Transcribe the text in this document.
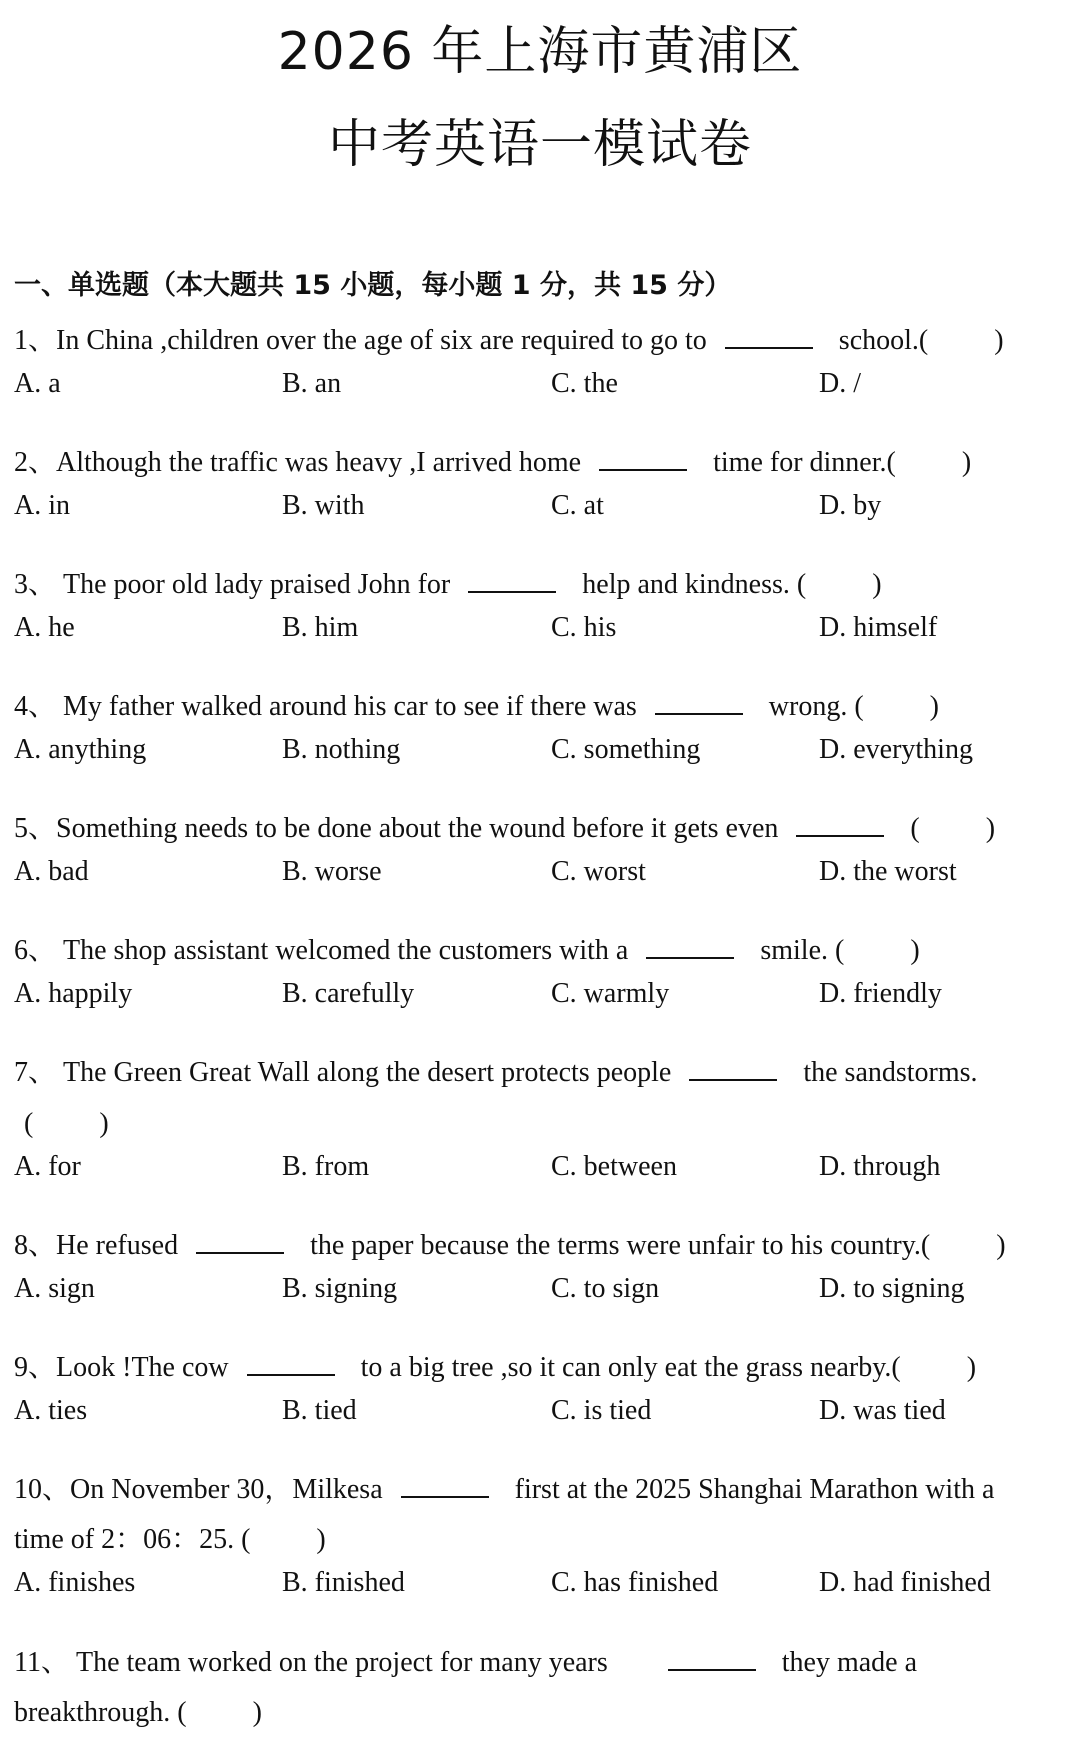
2026 年上海市黄浦区
中考英语一模试卷
一、单选题（本大题共 15 小题，每小题 1 分，共 15 分）
1、In China ,children over the age of six are required to go to	school.( )
A. a	B. an	C. the	D. /
2、Although the traffic was heavy ,I arrived home	time for dinner.( )
A. in	B. with	C. at	D. by
3、 The poor old lady praised John for	help and kindness. ( )
A. he	B. him	C. his	D. himself
4、 My father walked around his car to see if there was	wrong. ( )
A. anything	B. nothing	C. something	D. everything
5、Something needs to be done about the wound before it gets even	( )
A. bad	B. worse	C. worst	D. the worst
6、 The shop assistant welcomed the customers with a	smile. ( )
A. happily	B. carefully	C. warmly	D. friendly
7、 The Green Great Wall along the desert protects people	the sandstorms.
( )
A. for	B. from	C. between	D. through
8、He refused	the paper because the terms were unfair to his country.( )
A. sign	B. signing	C. to sign	D. to signing
9、Look !The cow	to a big tree ,so it can only eat the grass nearby.( )
A. ties	B. tied	C. is tied	D. was tied
10、On November 30，Milkesa	first at the 2025 Shanghai Marathon with a
time of 2：06：25. ( )
A. finishes	B. finished	C. has finished	D. had finished
11、 The team worked on the project for many years	they made a
breakthrough. ( )
